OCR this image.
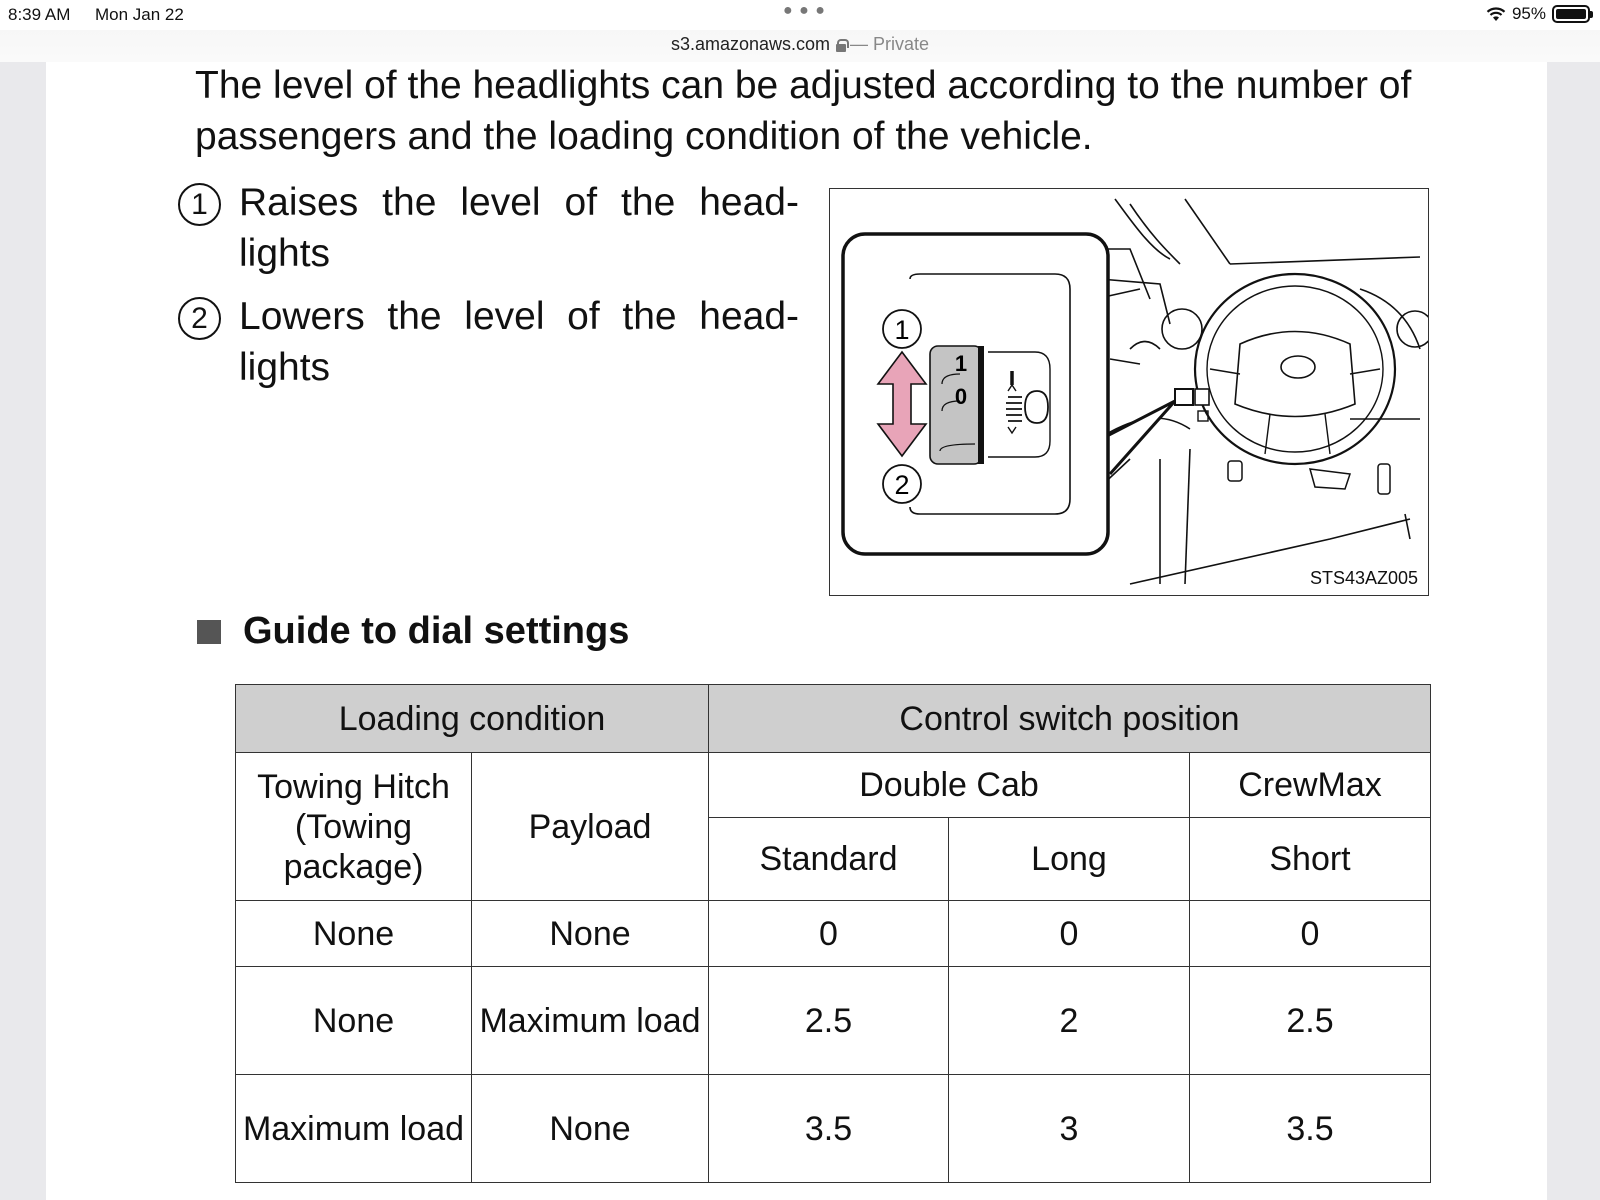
8:39 AM Mon Jan 22	● ● ●	95%
s3.amazonaws.com — Private

The level of the headlights can be adjusted according to the number of passengers and the loading condition of the vehicle.

1 Raises the level of the head-lights
2 Lowers the level of the head-lights
1
2
1
0
STS43AZ005
Guide to dial settings
Loading condition		Control switch position		
Towing Hitch (Towing package)	Payload	Double Cab		CrewMax
		Standard	Long	Short
None	None	0	0	0
None	Maximum load	2.5	2	2.5
Maximum load	None	3.5	3	3.5
